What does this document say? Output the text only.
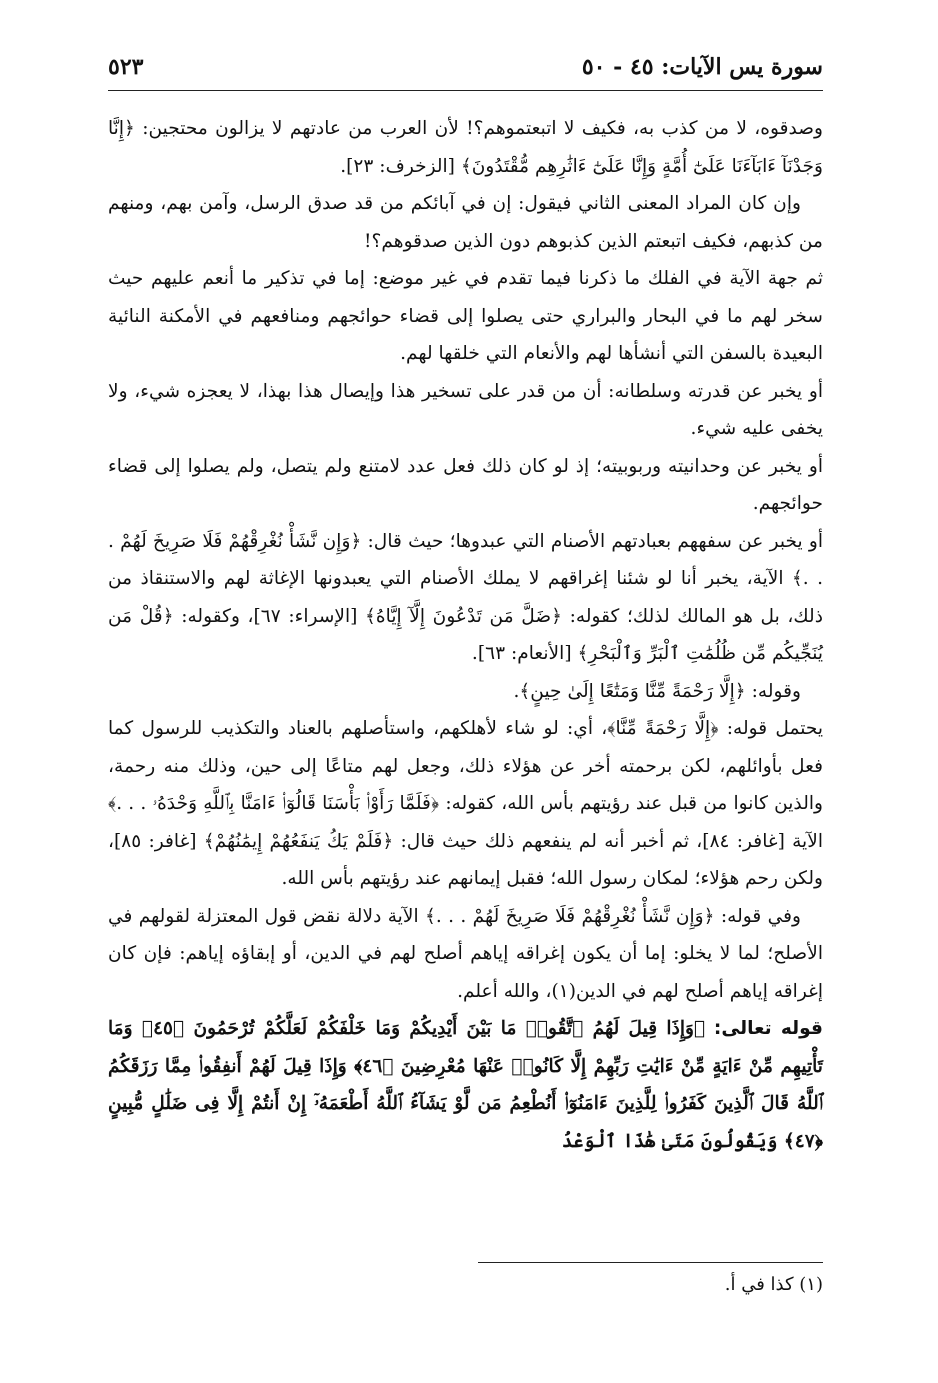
سورة يس الآيات: ٤٥ - ٥٠
٥٢٣

وصدقوه، لا من كذب به، فكيف لا اتبعتموهم؟! لأن العرب من عادتهم لا يزالون محتجين: ﴿إِنَّا وَجَدْنَآ ءَابَآءَنَا عَلَىٰٓ أُمَّةٍ وَإِنَّا عَلَىٰٓ ءَاثَٰرِهِم مُّقْتَدُونَ﴾ [الزخرف: ٢٣].

وإن كان المراد المعنى الثاني فيقول: إن في آبائكم من قد صدق الرسل، وآمن بهم، ومنهم من كذبهم، فكيف اتبعتم الذين كذبوهم دون الذين صدقوهم؟!

ثم جهة الآية في الفلك ما ذكرنا فيما تقدم في غير موضع: إما في تذكير ما أنعم عليهم حيث سخر لهم ما في البحار والبراري حتى يصلوا إلى قضاء حوائجهم ومنافعهم في الأمكنة النائية البعيدة بالسفن التي أنشأها لهم والأنعام التي خلقها لهم.

أو يخبر عن قدرته وسلطانه: أن من قدر على تسخير هذا وإيصال هذا بهذا، لا يعجزه شيء، ولا يخفى عليه شيء.

أو يخبر عن وحدانيته وربوبيته؛ إذ لو كان ذلك فعل عدد لامتنع ولم يتصل، ولم يصلوا إلى قضاء حوائجهم.

أو يخبر عن سفههم بعبادتهم الأصنام التي عبدوها؛ حيث قال: ﴿وَإِن نَّشَأْ نُغْرِقْهُمْ فَلَا صَرِيخَ لَهُمْ . . .﴾ الآية، يخبر أنا لو شئنا إغراقهم لا يملك الأصنام التي يعبدونها الإغاثة لهم والاستنقاذ من ذلك، بل هو المالك لذلك؛ كقوله: ﴿ضَلَّ مَن تَدْعُونَ إِلَّآ إِيَّاهُ﴾ [الإسراء: ٦٧]، وكقوله: ﴿قُلْ مَن يُنَجِّيكُم مِّن ظُلُمَٰتِ ٱلْبَرِّ وَٱلْبَحْرِ﴾ [الأنعام: ٦٣].

وقوله: ﴿إِلَّا رَحْمَةً مِّنَّا وَمَتَٰعًا إِلَىٰ حِينٍ﴾.

يحتمل قوله: ﴿إِلَّا رَحْمَةً مِّنَّا﴾، أي: لو شاء لأهلكهم، واستأصلهم بالعناد والتكذيب للرسول كما فعل بأوائلهم، لكن برحمته أخر عن هؤلاء ذلك، وجعل لهم متاعًا إلى حين، وذلك منه رحمة، والذين كانوا من قبل عند رؤيتهم بأس الله، كقوله: ﴿فَلَمَّا رَأَوْا۟ بَأْسَنَا قَالُوٓا۟ ءَامَنَّا بِٱللَّهِ وَحْدَهُۥ . . .﴾ الآية [غافر: ٨٤]، ثم أخبر أنه لم ينفعهم ذلك حيث قال: ﴿فَلَمْ يَكُ يَنفَعُهُمْ إِيمَٰنُهُمْ﴾ [غافر: ٨٥]، ولكن رحم هؤلاء؛ لمكان رسول الله؛ فقبل إيمانهم عند رؤيتهم بأس الله.

وفي قوله: ﴿وَإِن نَّشَأْ نُغْرِقْهُمْ فَلَا صَرِيخَ لَهُمْ . . .﴾ الآية دلالة نقض قول المعتزلة لقولهم في الأصلح؛ لما لا يخلو: إما أن يكون إغراقه إياهم أصلح لهم في الدين، أو إبقاؤه إياهم: فإن كان إغراقه إياهم أصلح لهم في الدين(١)، والله أعلم.

قوله تعالى: ﴿وَإِذَا قِيلَ لَهُمُ ٱتَّقُوا۟ مَا بَيْنَ أَيْدِيكُمْ وَمَا خَلْفَكُمْ لَعَلَّكُمْ تُرْحَمُونَ ﴿٤٥﴾ وَمَا تَأْتِيهِم مِّنْ ءَايَةٍ مِّنْ ءَايَٰتِ رَبِّهِمْ إِلَّا كَانُوا۟ عَنْهَا مُعْرِضِينَ ﴿٤٦﴾ وَإِذَا قِيلَ لَهُمْ أَنفِقُوا۟ مِمَّا رَزَقَكُمُ ٱللَّهُ قَالَ ٱلَّذِينَ كَفَرُوا۟ لِلَّذِينَ ءَامَنُوٓا۟ أَنُطْعِمُ مَن لَّوْ يَشَآءُ ٱللَّهُ أَطْعَمَهُۥٓ إِنْ أَنتُمْ إِلَّا فِى ضَلَٰلٍ مُّبِينٍ ﴿٤٧﴾ وَيَقُولُونَ مَتَىٰ هَٰذَا ٱلْوَعْدُ

(١) كذا في أ.
